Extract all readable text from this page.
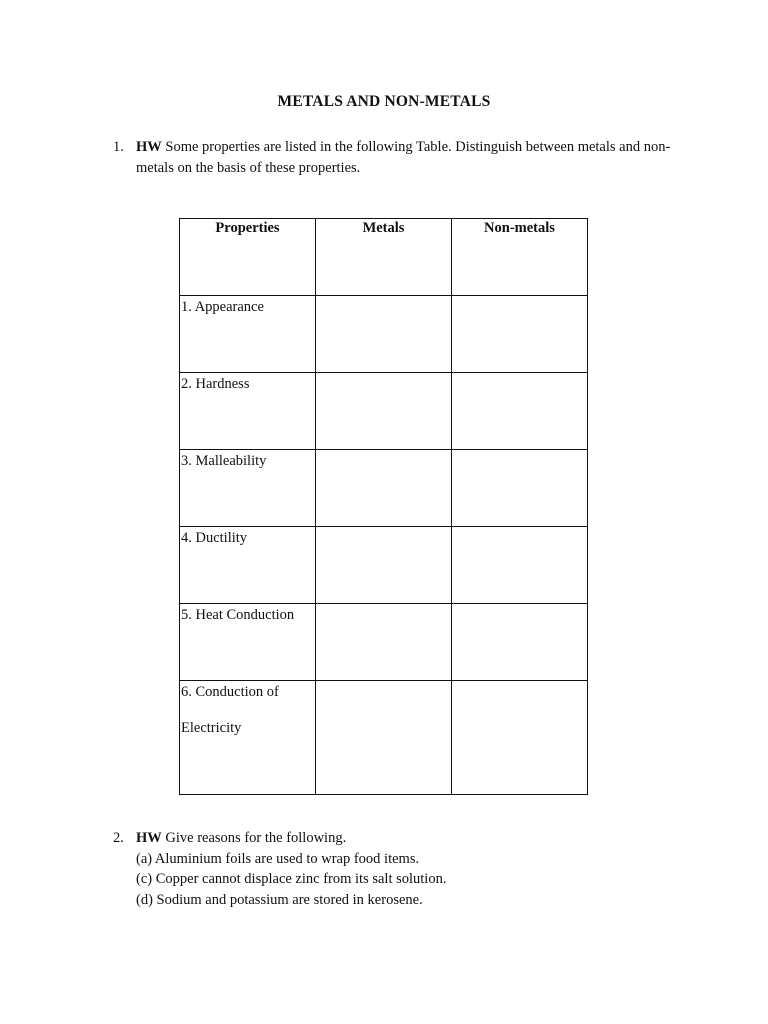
METALS AND NON-METALS
1. HW Some properties are listed in the following Table. Distinguish between metals and non-metals on the basis of these properties.
Properties	Metals	Non-metals
1. Appearance		
2. Hardness		
3. Malleability		
4. Ductility		
5. Heat Conduction		
6. Conduction of
Electricity		

2. HW Give reasons for the following.
(a) Aluminium foils are used to wrap food items.
(c) Copper cannot displace zinc from its salt solution.
(d) Sodium and potassium are stored in kerosene.
